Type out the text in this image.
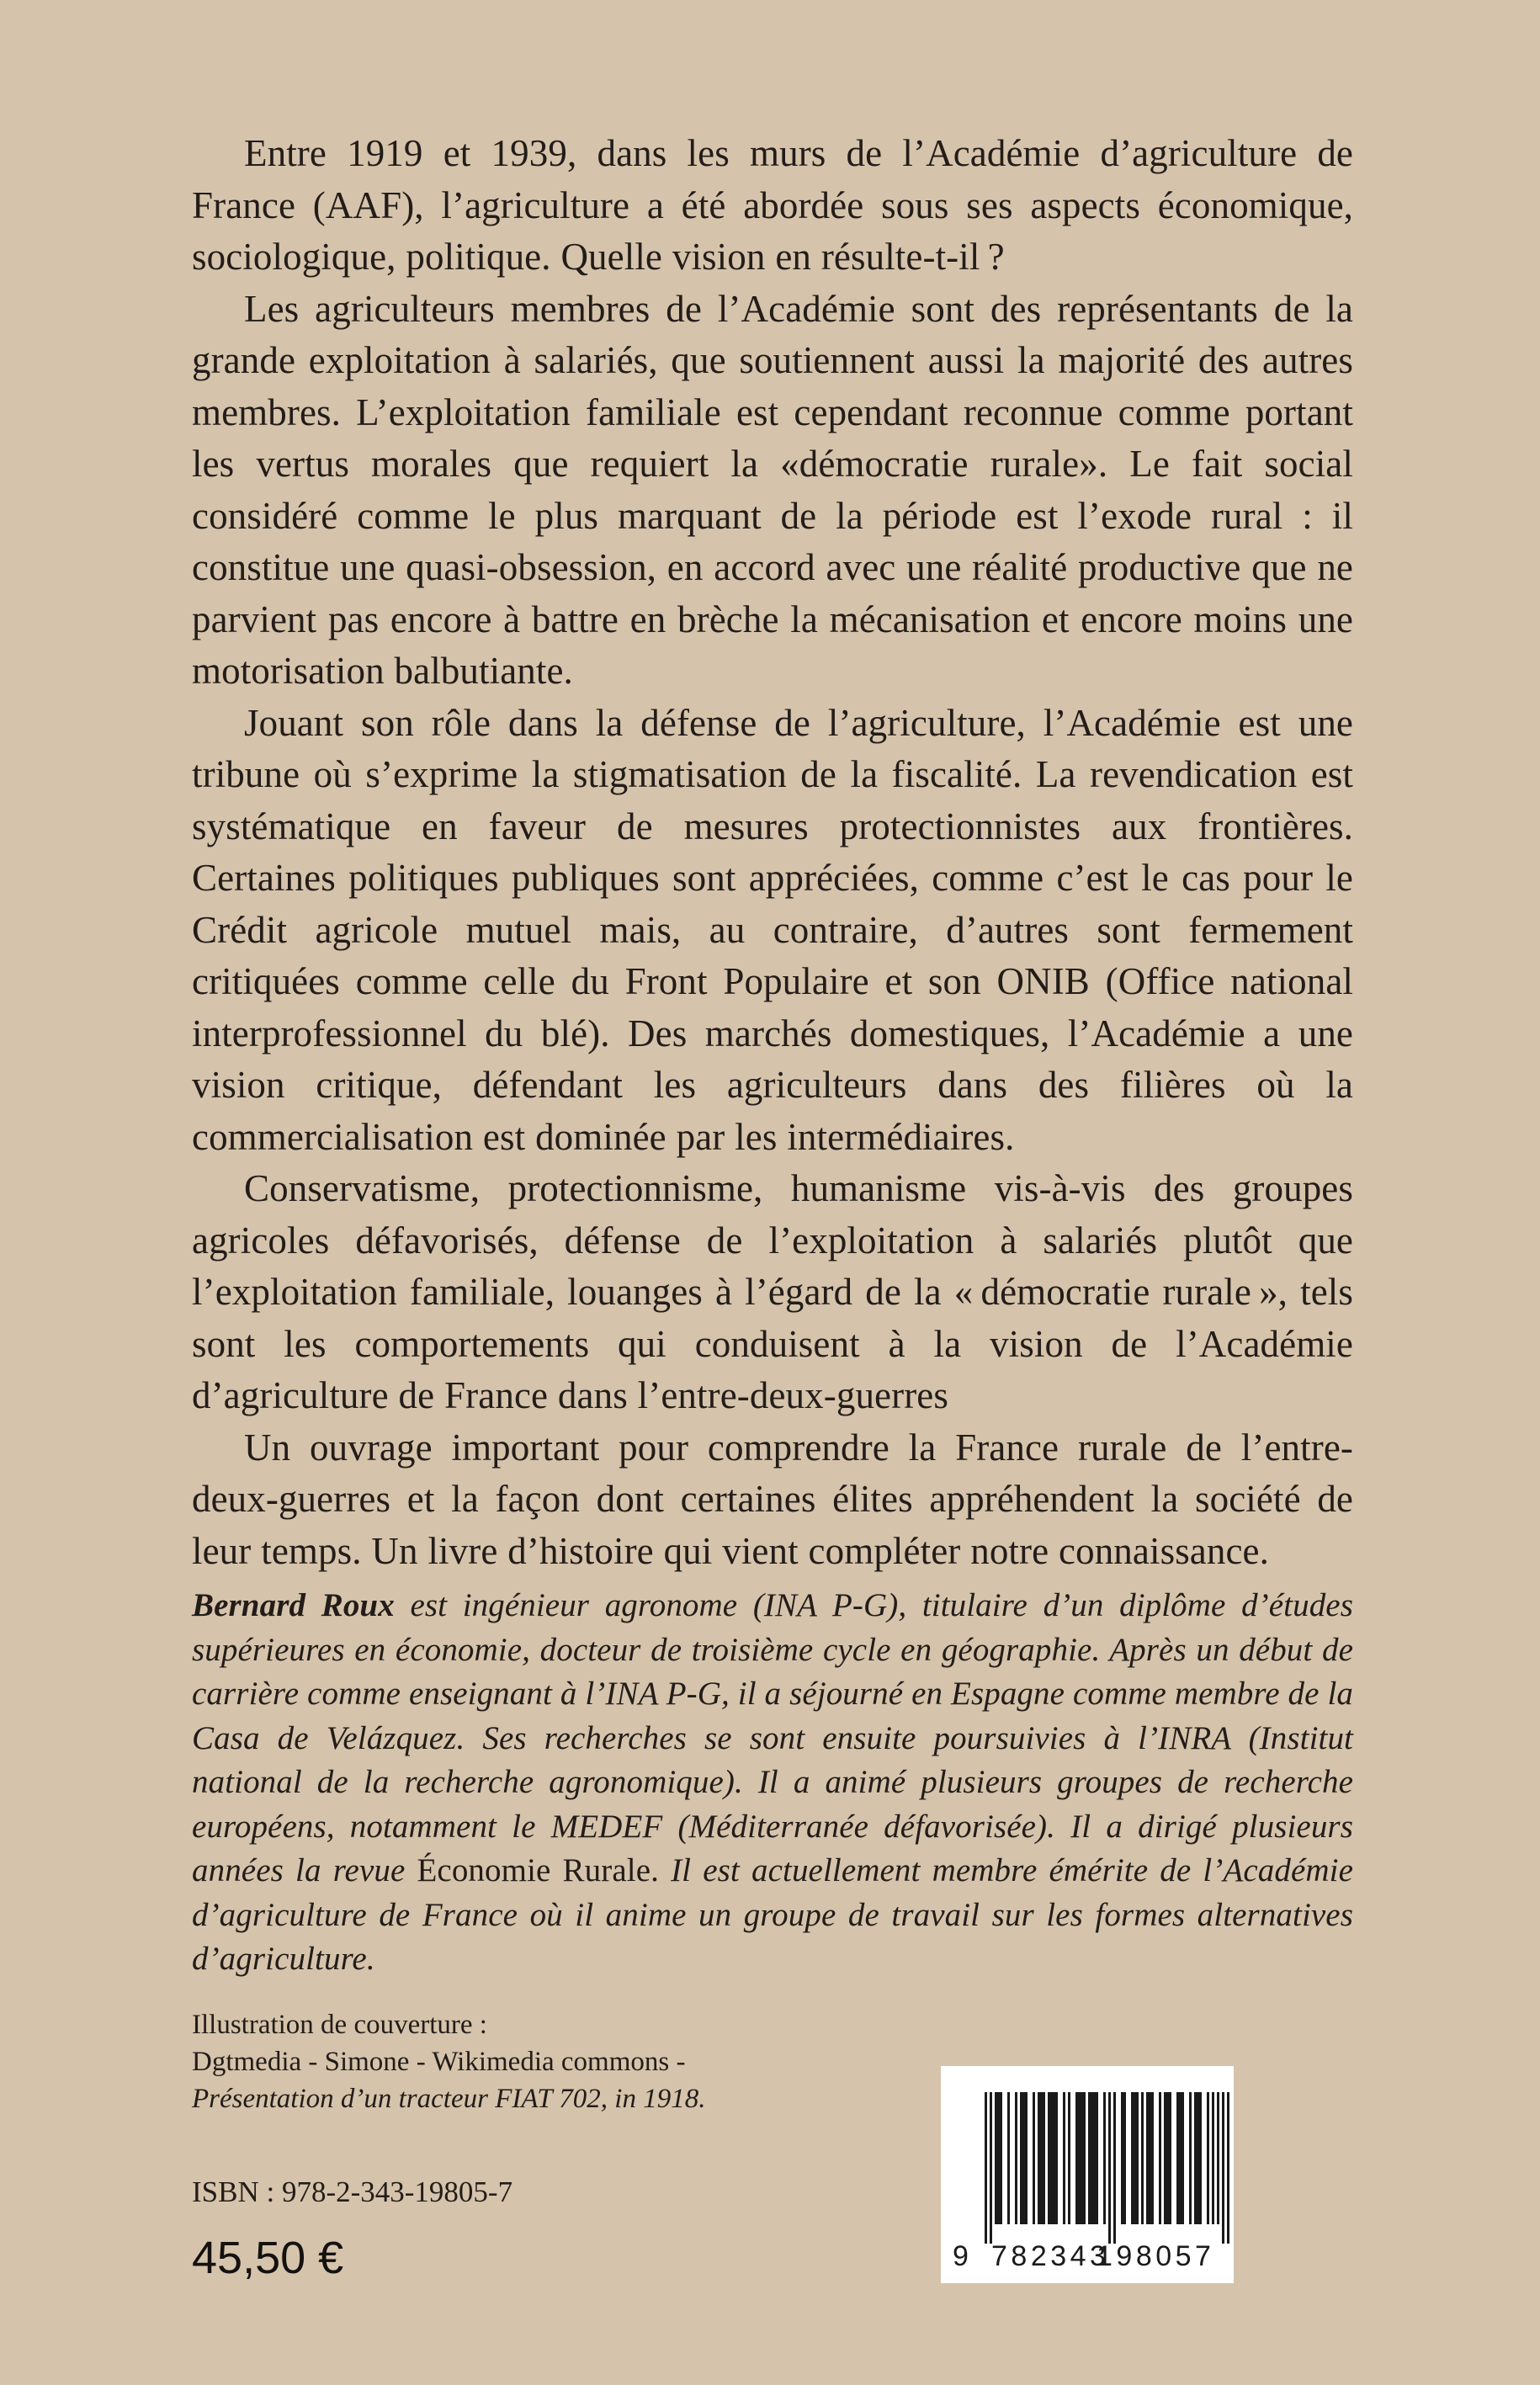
Entre 1919 et 1939, dans les murs de l’Académie d’agriculture de France (AAF), l’agriculture a été abordée sous ses aspects économique, sociologique, politique. Quelle vision en résulte-t-il ?

Les agriculteurs membres de l’Académie sont des représentants de la grande exploitation à salariés, que soutiennent aussi la majorité des autres membres. L’exploitation familiale est cependant reconnue comme portant les vertus morales que requiert la «démocratie rurale». Le fait social considéré comme le plus marquant de la période est l’exode rural : il constitue une quasi-obsession, en accord avec une réalité productive que ne parvient pas encore à battre en brèche la mécanisation et encore moins une motorisation balbutiante.

Jouant son rôle dans la défense de l’agriculture, l’Académie est une tribune où s’exprime la stigmatisation de la fiscalité. La revendication est systématique en faveur de mesures protectionnistes aux frontières. Certaines politiques publiques sont appréciées, comme c’est le cas pour le Crédit agricole mutuel mais, au contraire, d’autres sont fermement critiquées comme celle du Front Populaire et son ONIB (Office national interprofessionnel du blé). Des marchés domestiques, l’Académie a une vision critique, défendant les agriculteurs dans des filières où la commercialisation est dominée par les intermédiaires.

Conservatisme, protectionnisme, humanisme vis-à-vis des groupes agricoles défavorisés, défense de l’exploitation à salariés plutôt que l’exploitation familiale, louanges à l’égard de la « démocratie rurale », tels sont les comportements qui conduisent à la vision de l’Académie d’agriculture de France dans l’entre-deux-guerres

Un ouvrage important pour comprendre la France rurale de l’entre-deux-guerres et la façon dont certaines élites appréhendent la société de leur temps. Un livre d’histoire qui vient compléter notre connaissance.

Bernard Roux est ingénieur agronome (INA P-G), titulaire d’un diplôme d’études supérieures en économie, docteur de troisième cycle en géographie. Après un début de carrière comme enseignant à l’INA P-G, il a séjourné en Espagne comme membre de la Casa de Velázquez. Ses recherches se sont ensuite poursuivies à l’INRA (Institut national de la recherche agronomique). Il a animé plusieurs groupes de recherche européens, notamment le MEDEF (Méditerranée défavorisée). Il a dirigé plusieurs années la revue Économie Rurale. Il est actuellement membre émérite de l’Académie d’agriculture de France où il anime un groupe de travail sur les formes alternatives d’agriculture.
Illustration de couverture :
Dgtmedia - Simone - Wikimedia commons -
Présentation d’un tracteur FIAT 702, in 1918.
ISBN : 978-2-343-19805-7
45,50 €	9 782343
198057
